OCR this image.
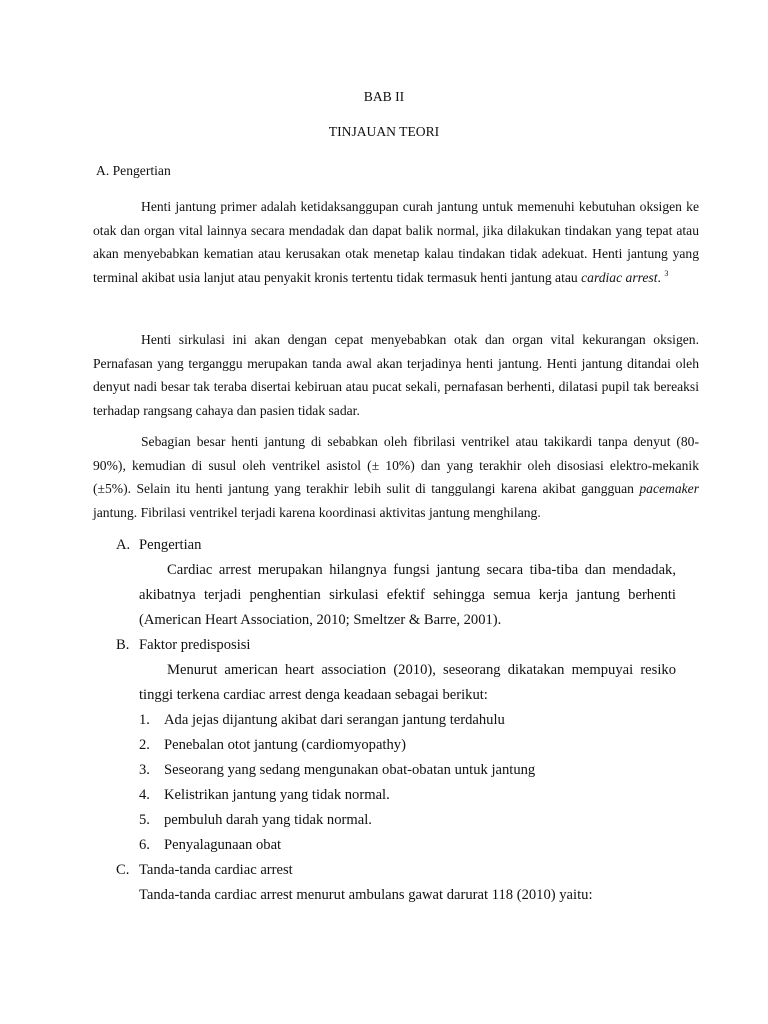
BAB II
TINJAUAN TEORI
A. Pengertian
Henti jantung primer adalah ketidaksanggupan curah jantung untuk memenuhi kebutuhan oksigen ke otak dan organ vital lainnya secara mendadak dan dapat balik normal, jika dilakukan tindakan yang tepat atau akan menyebabkan kematian atau kerusakan otak menetap kalau tindakan tidak adekuat. Henti jantung yang terminal akibat usia lanjut atau penyakit kronis tertentu tidak termasuk henti jantung atau cardiac arrest. $^3$
Henti sirkulasi ini akan dengan cepat menyebabkan otak dan organ vital kekurangan oksigen. Pernafasan yang terganggu merupakan tanda awal akan terjadinya henti jantung. Henti jantung ditandai oleh denyut nadi besar tak teraba disertai kebiruan atau pucat sekali, pernafasan berhenti, dilatasi pupil tak bereaksi terhadap rangsang cahaya dan pasien tidak sadar.
Sebagian besar henti jantung di sebabkan oleh fibrilasi ventrikel atau takikardi tanpa denyut (80-90%), kemudian di susul oleh ventrikel asistol (± 10%) dan yang terakhir oleh disosiasi elektro-mekanik (±5%). Selain itu henti jantung yang terakhir lebih sulit di tanggulangi karena akibat gangguan pacemaker jantung. Fibrilasi ventrikel terjadi karena koordinasi aktivitas jantung menghilang.
A. Pengertian
Cardiac arrest merupakan hilangnya fungsi jantung secara tiba-tiba dan mendadak, akibatnya terjadi penghentian sirkulasi efektif sehingga semua kerja jantung berhenti (American Heart Association, 2010; Smeltzer & Barre, 2001).
B. Faktor predisposisi
Menurut american heart association (2010), seseorang dikatakan mempuyai resiko tinggi terkena cardiac arrest denga keadaan sebagai berikut:
1. Ada jejas dijantung akibat dari serangan jantung terdahulu
2. Penebalan otot jantung (cardiomyopathy)
3. Seseorang yang sedang mengunakan obat-obatan untuk jantung
4. Kelistrikan jantung yang tidak normal.
5. pembuluh darah yang tidak normal.
6. Penyalagunaan obat
C. Tanda-tanda cardiac arrest
Tanda-tanda cardiac arrest menurut ambulans gawat darurat 118 (2010) yaitu:
